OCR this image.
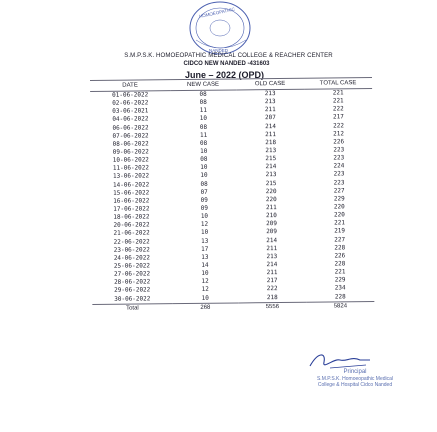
HOMOEOPATHIC
NANDED
S.M.P.S.K. HOMOEOPATHIC MEDICAL COLLEGE & REACHER CENTER
CIDCO NEW NANDED -431603
June – 2022 (OPD)
DATE	NEW CASE	OLD CASE	TOTAL CASE
01-06-2022	08	213	221
02-06-2022	08	213	221
03-06-2021	11	211	222
04-06-2022	10	207	217
06-06-2022	08	214	222
07-06-2022	11	211	212
08-06-2022	08	218	226
09-06-2022	10	213	223
10-06-2022	08	215	223
11-06-2022	10	214	224
13-06-2022	10	213	223
14-06-2022	08	215	223
15-06-2022	07	220	227
16-06-2022	09	220	229
17-06-2022	09	211	220
18-06-2022	10	210	220
20-06-2022	12	209	221
21-06-2022	10	209	219
22-06-2022	13	214	227
23-06-2022	17	211	228
24-06-2022	13	213	226
25-06-2022	14	214	228
27-06-2022	10	211	221
28-06-2022	12	217	229
29-06-2022	12	222	234
30-06-2022	10	218	228
Total	268	5556	5824
Principal
S.M.P.S.K. Homoeopathic Medical
College & Hospital Cidco Nanded
